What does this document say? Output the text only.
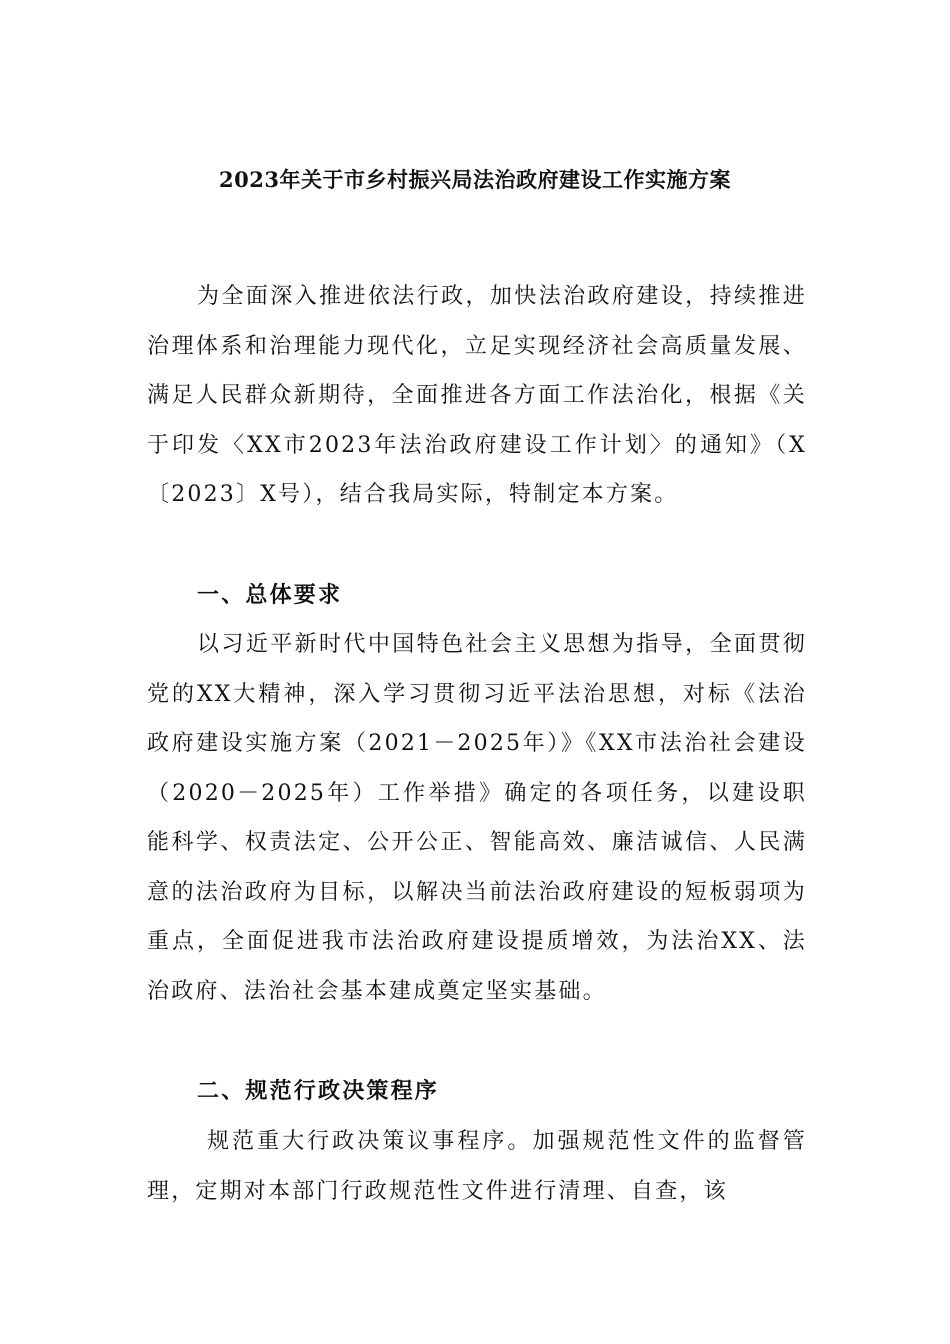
2023年关于市乡村振兴局法治政府建设工作实施方案

为全面深入推进依法行政，加快法治政府建设，持续推进治理体系和治理能力现代化，立足实现经济社会高质量发展、满足人民群众新期待，全面推进各方面工作法治化，根据《关于印发〈XX市2023年法治政府建设工作计划〉的通知》（X〔2023〕X号），结合我局实际，特制定本方案。

一、总体要求

以习近平新时代中国特色社会主义思想为指导，全面贯彻党的XX大精神，深入学习贯彻习近平法治思想，对标《法治政府建设实施方案（2021－2025年）》《XX市法治社会建设（2020－2025年）工作举措》确定的各项任务，以建设职能科学、权责法定、公开公正、智能高效、廉洁诚信、人民满意的法治政府为目标，以解决当前法治政府建设的短板弱项为重点，全面促进我市法治政府建设提质增效，为法治XX、法治政府、法治社会基本建成奠定坚实基础。

二、规范行政决策程序

规范重大行政决策议事程序。加强规范性文件的监督管理，定期对本部门行政规范性文件进行清理、自查，该
